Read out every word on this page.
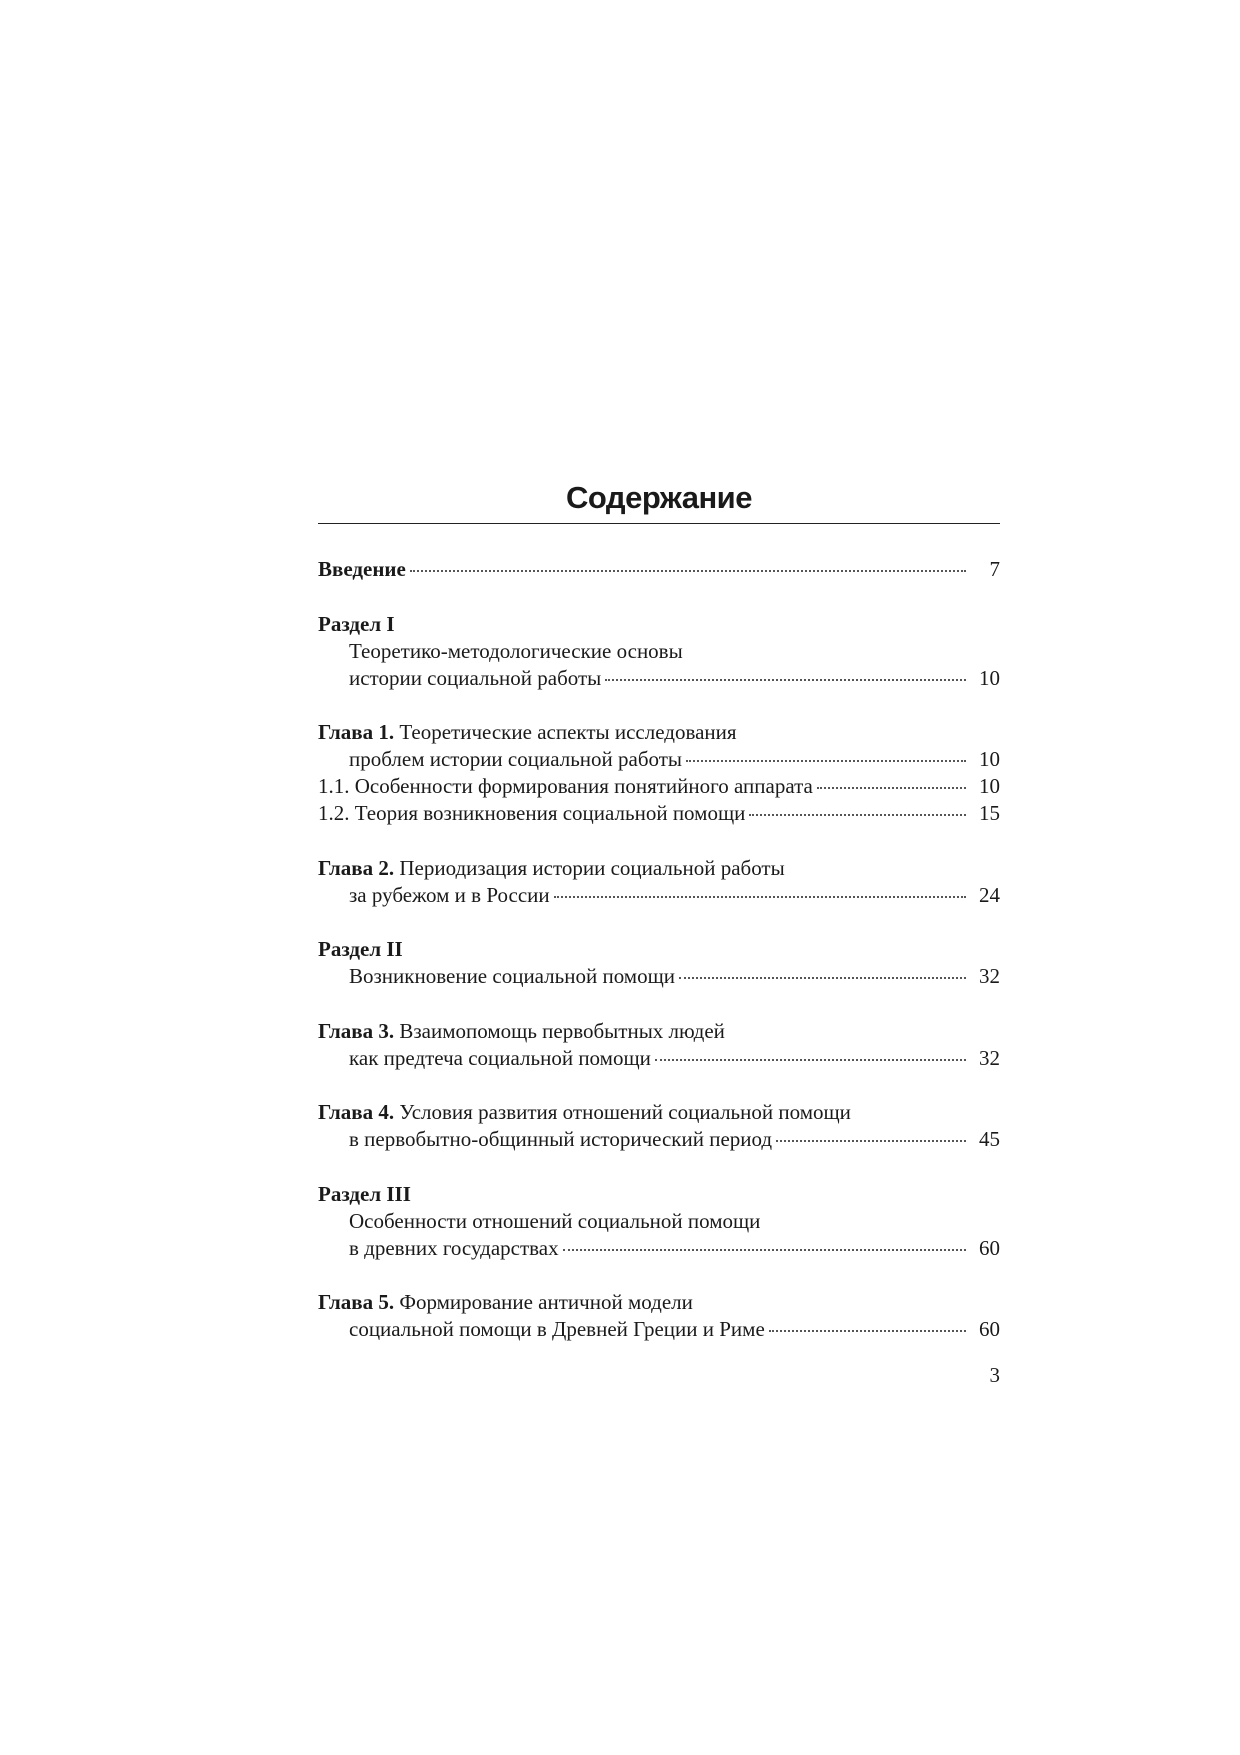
Содержание
Введение	7
Раздел I
Теоретико-методологические основы
истории социальной работы	10
Глава 1. Теоретические аспекты исследования
проблем истории социальной работы	10
1.1. Особенности формирования понятийного аппарата	10
1.2. Теория возникновения социальной помощи	15
Глава 2. Периодизация истории социальной работы
за рубежом и в России	24
Раздел II
Возникновение социальной помощи	32
Глава 3. Взаимопомощь первобытных людей
как предтеча социальной помощи	32
Глава 4. Условия развития отношений социальной помощи
в первобытно-общинный исторический период	45
Раздел III
Особенности отношений социальной помощи
в древних государствах	60
Глава 5. Формирование античной модели
социальной помощи в Древней Греции и Риме	60
3
